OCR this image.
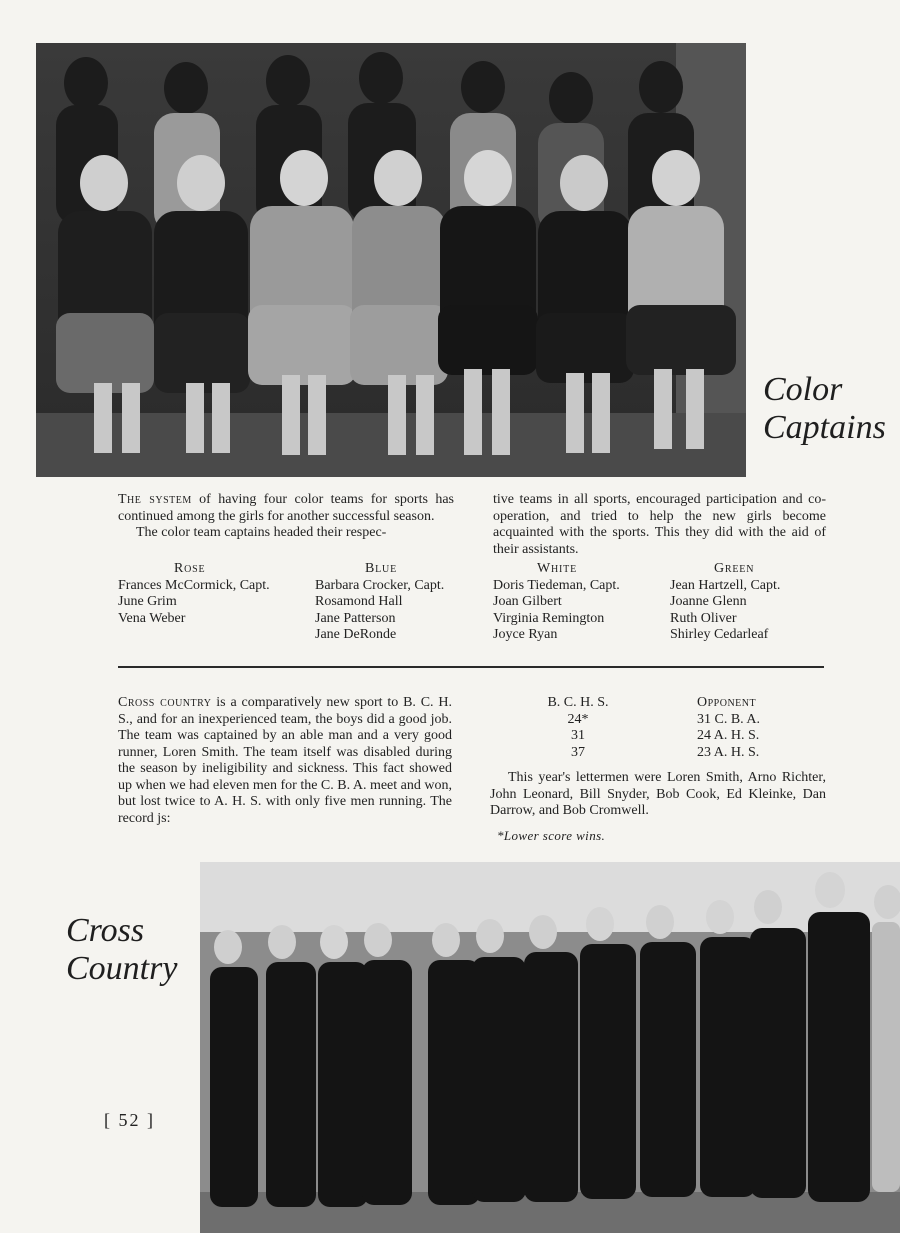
Color
Captains

The system of having four color teams for sports has continued among the girls for another successful season.
The color team captains headed their respec-

tive teams in all sports, encouraged participation and co-operation, and tried to help the new girls become acquainted with the sports. This they did with the aid of their assistants.

Rose
Frances McCormick, Capt.
June Grim
Vena Weber
Blue
Barbara Crocker, Capt.
Rosamond Hall
Jane Patterson
Jane DeRonde
White
Doris Tiedeman, Capt.
Joan Gilbert
Virginia Remington
Joyce Ryan
Green
Jean Hartzell, Capt.
Joanne Glenn
Ruth Oliver
Shirley Cedarleaf

Cross country is a comparatively new sport to B. C. H. S., and for an inexperienced team, the boys did a good job. The team was captained by an able man and a very good runner, Loren Smith. The team itself was disabled during the season by ineligibility and sickness. This fact showed up when we had eleven men for the C. B. A. meet and won, but lost twice to A. H. S. with only five men running. The record js:

B. C. H. S.
24*
31
37
Opponent
31 C. B. A.
24 A. H. S.
23 A. H. S.

This year's lettermen were Loren Smith, Arno Richter, John Leonard, Bill Snyder, Bob Cook, Ed Kleinke, Dan Darrow, and Bob Cromwell.

*Lower score wins.
Cross
Country
[ 52 ]
